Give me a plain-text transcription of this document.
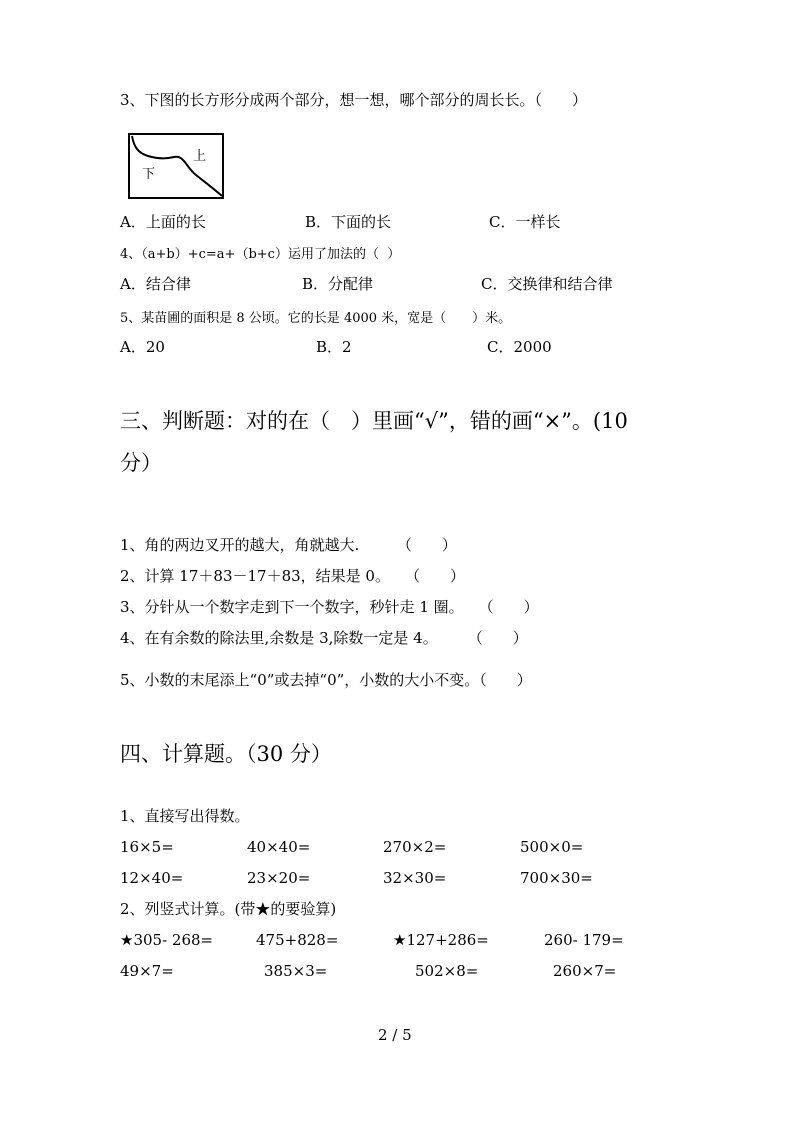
3、下图的长方形分成两个部分，想一想，哪个部分的周长长。（　　）
上
下
A．上面的长	B．下面的长	C．一样长
4、（a+b）+c=a+（b+c）运用了加法的（  ）
A．结合律	B．分配律	C．交换律和结合律
5、某苗圃的面积是 8 公顷。它的长是 4000 米，宽是（　　）米。
A．20	B．2	C．2000
三、判断题：对的在（　）里画“√”，错的画“×”。(10
分）
1、角的两边叉开的越大，角就越大.　　　（　　）
2、计算 17＋83－17＋83，结果是 0。　　（　　）
3、分针从一个数字走到下一个数字，秒针走 1 圈。　　（　　）
4、在有余数的除法里,余数是 3,除数一定是 4。　　　（　　）
5、小数的末尾添上“0”或去掉“0”，小数的大小不变。（　　）
四、计算题。（30 分）
1、直接写出得数。
16×5=	40×40=	270×2=	500×0=
12×40=	23×20=	32×30=	700×30=
2、列竖式计算。(带★的要验算)
★305- 268=	475+828=	★127+286=	260- 179=
49×7=	385×3=	502×8=	260×7=
2 / 5
